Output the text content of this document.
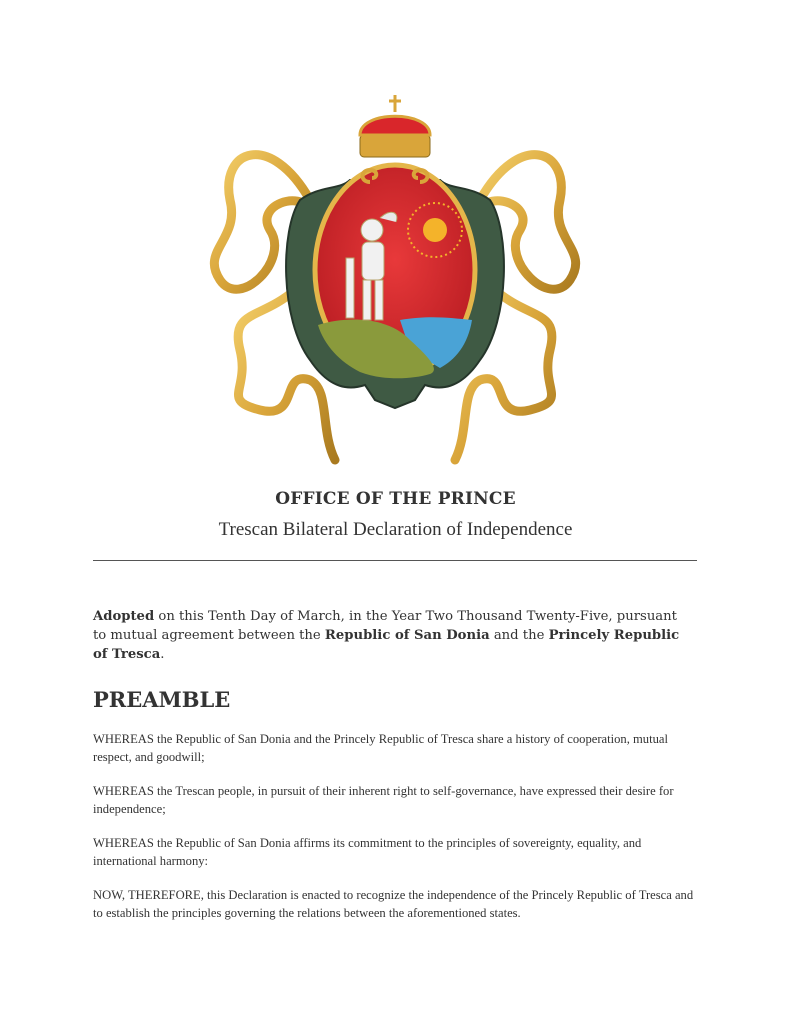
OFFICE OF THE PRINCE
Trescan Bilateral Declaration of Independence
Adopted on this Tenth Day of March, in the Year Two Thousand Twenty-Five, pursuant to mutual agreement between the Republic of San Donia and the Princely Republic of Tresca.
PREAMBLE

WHEREAS the Republic of San Donia and the Princely Republic of Tresca share a history of cooperation, mutual respect, and goodwill;

WHEREAS the Trescan people, in pursuit of their inherent right to self-governance, have expressed their desire for independence;

WHEREAS the Republic of San Donia affirms its commitment to the principles of sovereignty, equality, and international harmony:

NOW, THEREFORE, this Declaration is enacted to recognize the independence of the Princely Republic of Tresca and to establish the principles governing the relations between the aforementioned states.
